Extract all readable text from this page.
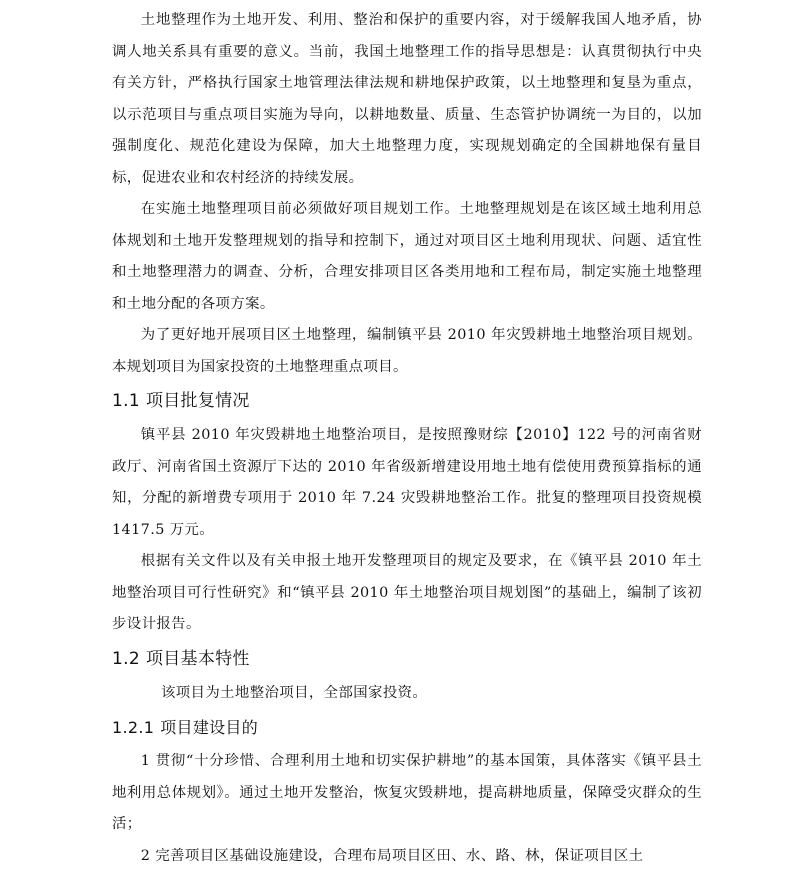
土地整理作为土地开发、利用、整治和保护的重要内容，对于缓解我国人地矛盾，协调人地关系具有重要的意义。当前，我国土地整理工作的指导思想是：认真贯彻执行中央有关方针，严格执行国家土地管理法律法规和耕地保护政策，以土地整理和复垦为重点，以示范项目与重点项目实施为导向，以耕地数量、质量、生态管护协调统一为目的，以加强制度化、规范化建设为保障，加大土地整理力度，实现规划确定的全国耕地保有量目标，促进农业和农村经济的持续发展。

在实施土地整理项目前必须做好项目规划工作。土地整理规划是在该区域土地利用总体规划和土地开发整理规划的指导和控制下，通过对项目区土地利用现状、问题、适宜性和土地整理潜力的调查、分析，合理安排项目区各类用地和工程布局，制定实施土地整理和土地分配的各项方案。

为了更好地开展项目区土地整理，编制镇平县 2010 年灾毁耕地土地整治项目规划。本规划项目为国家投资的土地整理重点项目。

1.1 项目批复情况

镇平县 2010 年灾毁耕地土地整治项目，是按照豫财综【2010】122 号的河南省财政厅、河南省国土资源厅下达的 2010 年省级新增建设用地土地有偿使用费预算指标的通知，分配的新增费专项用于 2010 年 7.24 灾毁耕地整治工作。批复的整理项目投资规模 1417.5 万元。

根据有关文件以及有关申报土地开发整理项目的规定及要求，在《镇平县 2010 年土地整治项目可行性研究》和“镇平县 2010 年土地整治项目规划图”的基础上，编制了该初步设计报告。

1.2 项目基本特性

该项目为土地整治项目，全部国家投资。

1.2.1 项目建设目的

1 贯彻“十分珍惜、合理利用土地和切实保护耕地”的基本国策，具体落实《镇平县土地利用总体规划》。通过土地开发整治，恢复灾毁耕地，提高耕地质量，保障受灾群众的生活；

2 完善项目区基础设施建设，合理布局项目区田、水、路、林，保证项目区土
